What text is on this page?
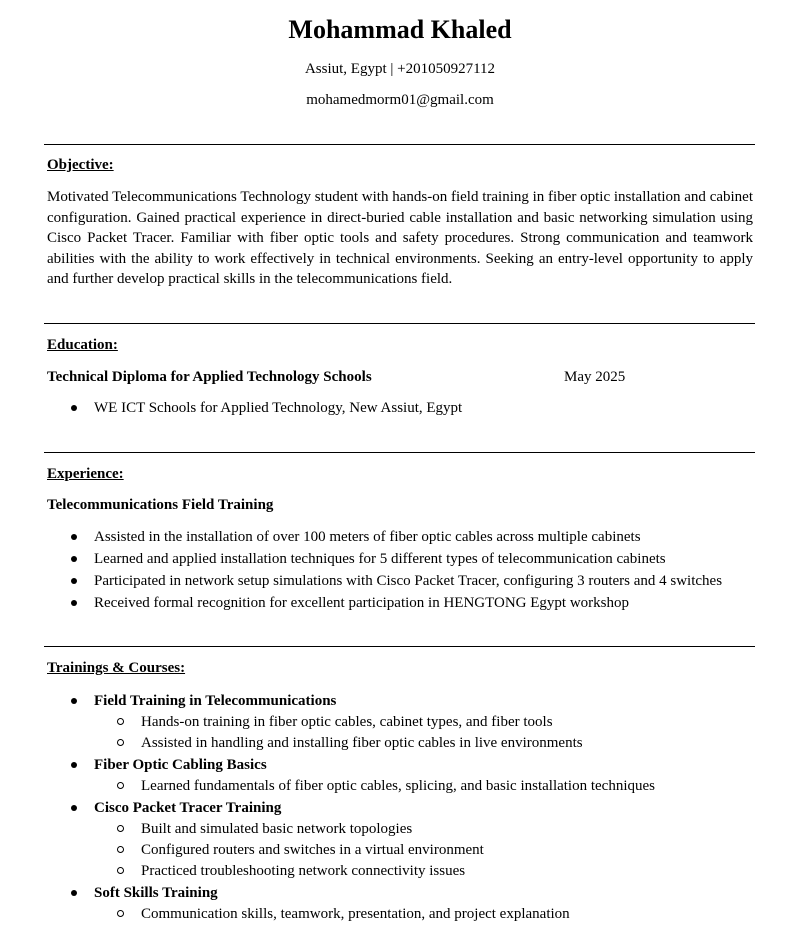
Mohammad Khaled
Assiut, Egypt | +201050927112
mohamedmorm01@gmail.com
Objective:

Motivated Telecommunications Technology student with hands-on field training in fiber optic installation and cabinet configuration. Gained practical experience in direct-buried cable installation and basic networking simulation using Cisco Packet Tracer. Familiar with fiber optic tools and safety procedures. Strong communication and teamwork abilities with the ability to work effectively in technical environments. Seeking an entry-level opportunity to apply and further develop practical skills in the telecommunications field.

Education:
Technical Diploma for Applied Technology Schools	May 2025
WE ICT Schools for Applied Technology, New Assiut, Egypt
Experience:
Telecommunications Field Training
Assisted in the installation of over 100 meters of fiber optic cables across multiple cabinets
Learned and applied installation techniques for 5 different types of telecommunication cabinets
Participated in network setup simulations with Cisco Packet Tracer, configuring 3 routers and 4 switches
Received formal recognition for excellent participation in HENGTONG Egypt workshop
Trainings & Courses:
Field Training in Telecommunications
Hands-on training in fiber optic cables, cabinet types, and fiber tools
Assisted in handling and installing fiber optic cables in live environments
Fiber Optic Cabling Basics
Learned fundamentals of fiber optic cables, splicing, and basic installation techniques
Cisco Packet Tracer Training
Built and simulated basic network topologies
Configured routers and switches in a virtual environment
Practiced troubleshooting network connectivity issues
Soft Skills Training
Communication skills, teamwork, presentation, and project explanation
